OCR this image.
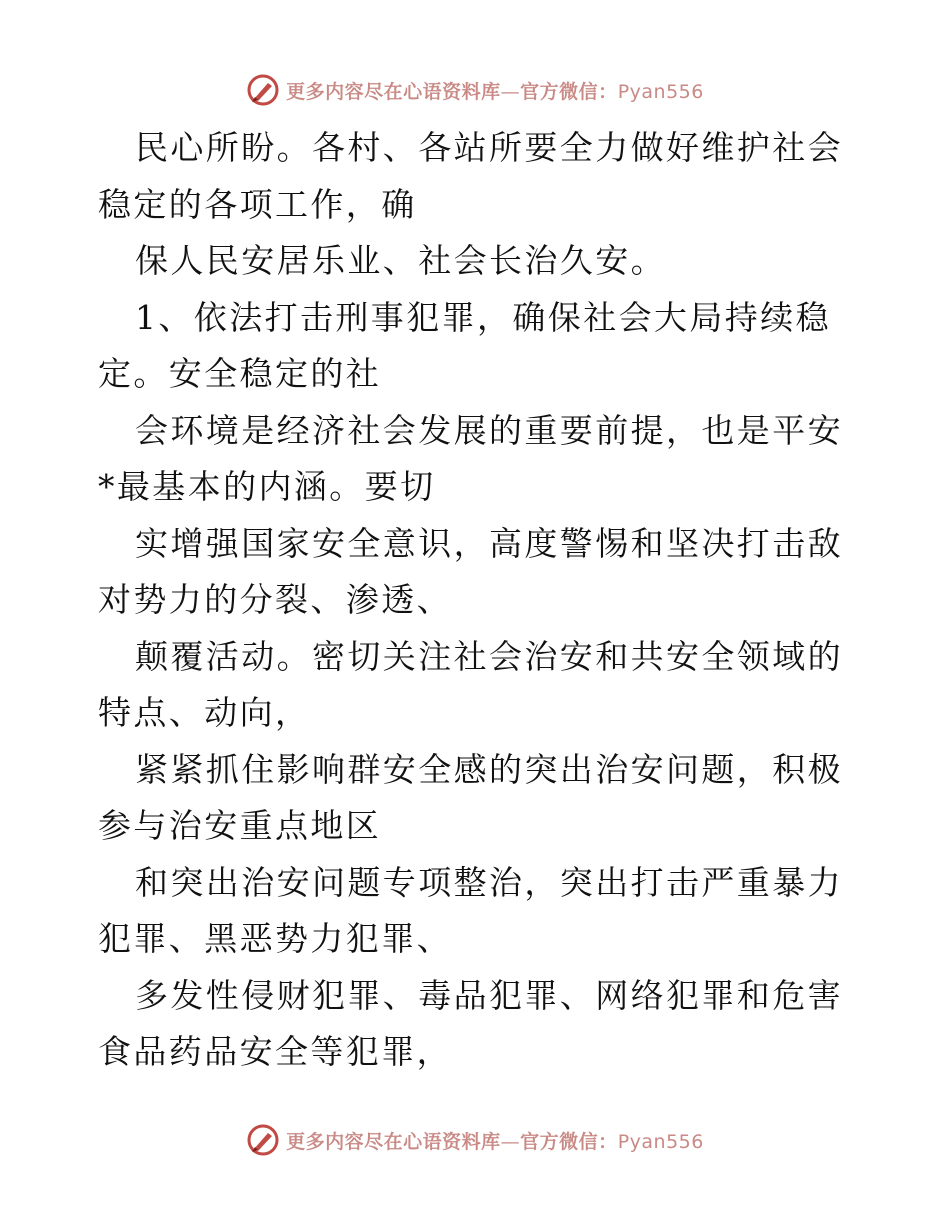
更多内容尽在心语资料库—官方微信：Pyan556

民心所盼。各村、各站所要全力做好维护社会稳定的各项工作，确

保人民安居乐业、社会长治久安。

1、依法打击刑事犯罪，确保社会大局持续稳定。安全稳定的社

会环境是经济社会发展的重要前提，也是平安*最基本的内涵。要切

实增强国家安全意识，高度警惕和坚决打击敌对势力的分裂、渗透、

颠覆活动。密切关注社会治安和共安全领域的特点、动向，

紧紧抓住影响群安全感的突出治安问题，积极参与治安重点地区

和突出治安问题专项整治，突出打击严重暴力犯罪、黑恶势力犯罪、

多发性侵财犯罪、毒品犯罪、网络犯罪和危害食品药品安全等犯罪，

更多内容尽在心语资料库—官方微信：Pyan556
